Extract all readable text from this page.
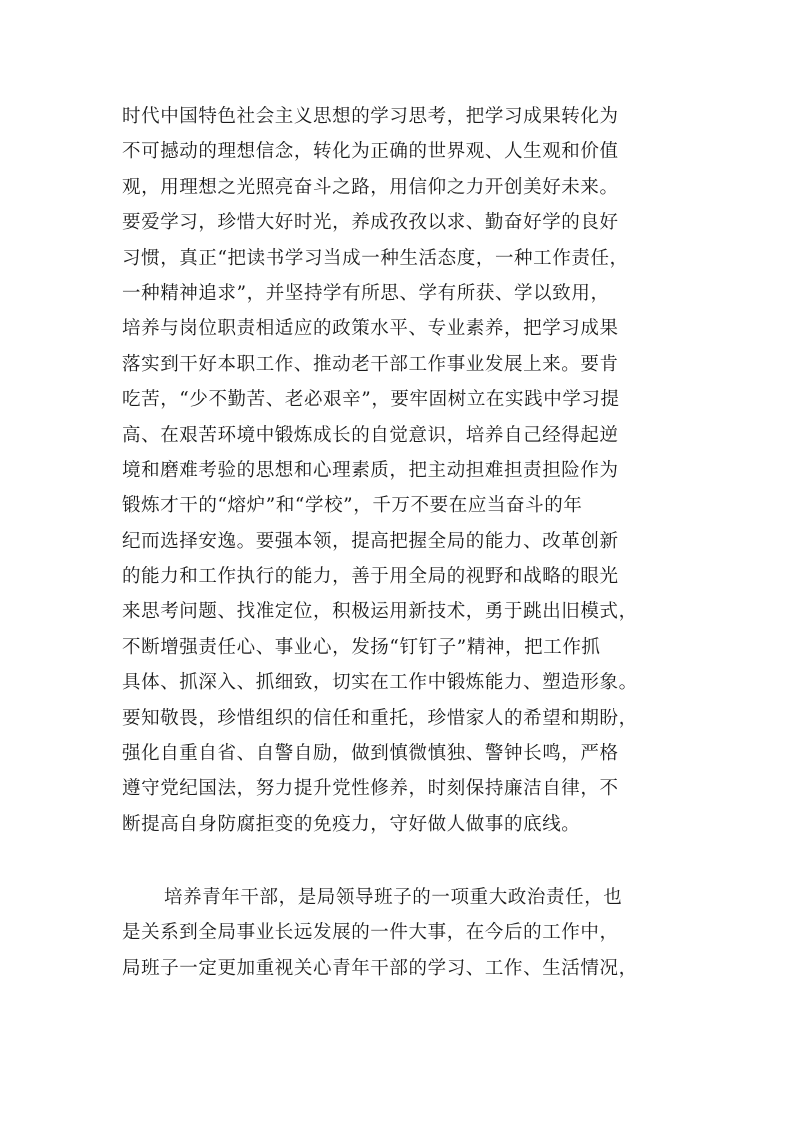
时代中国特色社会主义思想的学习思考，把学习成果转化为
不可撼动的理想信念，转化为正确的世界观、人生观和价值
观，用理想之光照亮奋斗之路，用信仰之力开创美好未来。
要爱学习，珍惜大好时光，养成孜孜以求、勤奋好学的良好
习惯，真正“把读书学习当成一种生活态度，一种工作责任，
一种精神追求”，并坚持学有所思、学有所获、学以致用，
培养与岗位职责相适应的政策水平、专业素养，把学习成果
落实到干好本职工作、推动老干部工作事业发展上来。要肯
吃苦，“少不勤苦、老必艰辛”，要牢固树立在实践中学习提
高、在艰苦环境中锻炼成长的自觉意识，培养自己经得起逆
境和磨难考验的思想和心理素质，把主动担难担责担险作为
锻炼才干的“熔炉”和“学校”，千万不要在应当奋斗的年
纪而选择安逸。要强本领，提高把握全局的能力、改革创新
的能力和工作执行的能力，善于用全局的视野和战略的眼光
来思考问题、找准定位，积极运用新技术，勇于跳出旧模式，
不断增强责任心、事业心，发扬“钉钉子”精神，把工作抓
具体、抓深入、抓细致，切实在工作中锻炼能力、塑造形象。
要知敬畏，珍惜组织的信任和重托，珍惜家人的希望和期盼，
强化自重自省、自警自励，做到慎微慎独、警钟长鸣，严格
遵守党纪国法，努力提升党性修养，时刻保持廉洁自律，不
断提高自身防腐拒变的免疫力，守好做人做事的底线。
培养青年干部，是局领导班子的一项重大政治责任，也
是关系到全局事业长远发展的一件大事，在今后的工作中，
局班子一定更加重视关心青年干部的学习、工作、生活情况，
